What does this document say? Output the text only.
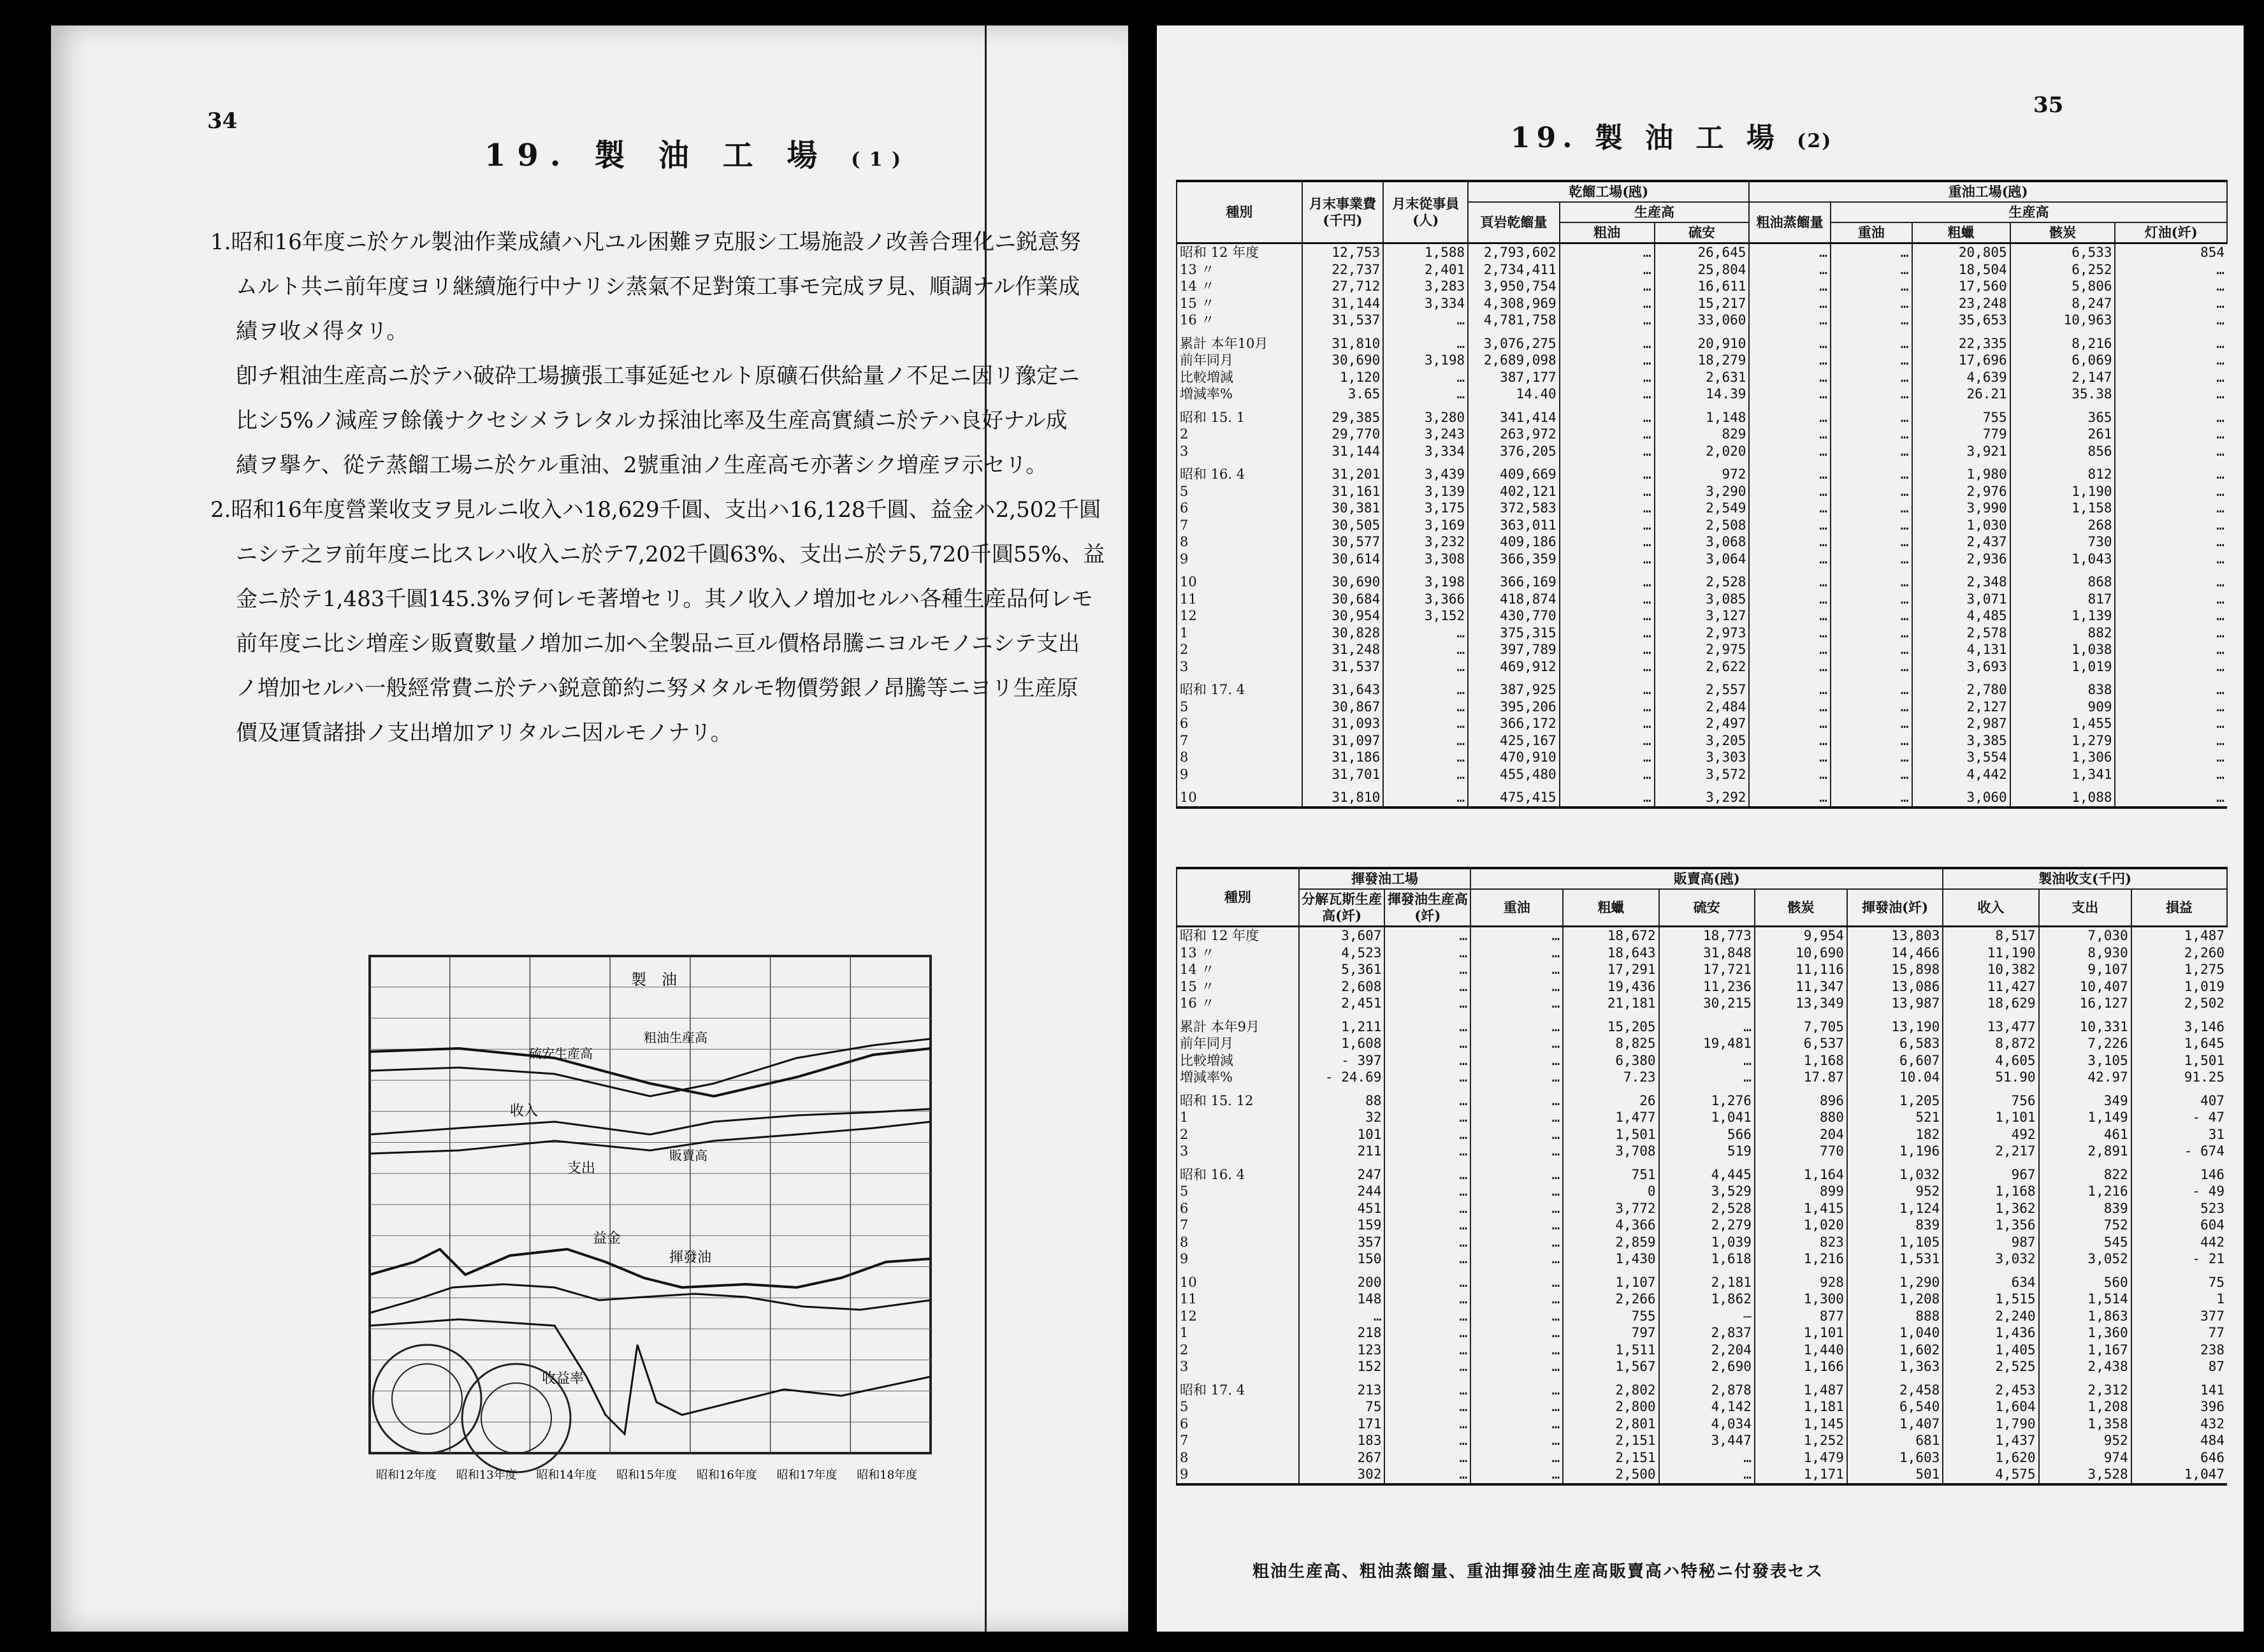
34
19. 製 油 工 場 ( 1 )
1.昭和16年度ニ於ケル製油作業成績ハ凡ユル困難ヲ克服シ工場施設ノ改善合理化ニ鋭意努
ムルト共ニ前年度ヨリ継續施行中ナリシ蒸氣不足對策工事モ完成ヲ見、順調ナル作業成
績ヲ收メ得タリ。
卽チ粗油生産高ニ於テハ破砕工場擴張工事延延セルト原礦石供給量ノ不足ニ因リ豫定ニ
比シ5%ノ減産ヲ餘儀ナクセシメラレタルカ採油比率及生産高實績ニ於テハ良好ナル成
績ヲ擧ケ、從テ蒸餾工場ニ於ケル重油、2號重油ノ生産高モ亦著シク増産ヲ示セリ。
2.昭和16年度營業收支ヲ見ルニ收入ハ18,629千圓、支出ハ16,128千圓、益金ハ2,502千圓
ニシテ之ヲ前年度ニ比スレハ收入ニ於テ7,202千圓63%、支出ニ於テ5,720千圓55%、益
金ニ於テ1,483千圓145.3%ヲ何レモ著増セリ。其ノ收入ノ増加セルハ各種生産品何レモ
前年度ニ比シ増産シ販賣數量ノ増加ニ加ヘ全製品ニ亘ル價格昂騰ニヨルモノニシテ支出
ノ増加セルハ一般經常費ニ於テハ鋭意節約ニ努メタルモ物價勞銀ノ昂騰等ニヨリ生産原
價及運賃諸掛ノ支出増加アリタルニ因ルモノナリ。
製　油
硫安生産高
粗油生産高
收入
販賣高
支出
益金
揮發油
收益率
昭和12年度 昭和13年度 昭和14年度 昭和15年度 昭和16年度 昭和17年度 昭和18年度
35
19. 製 油 工 場 (2)
種別	月末事業費(千円)	月末從事員(人)	乾餾工場(瓲)			重油工場(瓲)				
			頁岩乾餾量	生産高		粗油蒸餾量	生産高			
				粗油	硫安		重油	粗蠟	骸炭	灯油(竏)
昭和 12 年度	12,753	1,588	2,793,602	…	26,645	…	…	20,805	6,533	854
13 〃	22,737	2,401	2,734,411	…	25,804	…	…	18,504	6,252	…
14 〃	27,712	3,283	3,950,754	…	16,611	…	…	17,560	5,806	…
15 〃	31,144	3,334	4,308,969	…	15,217	…	…	23,248	8,247	…
16 〃	31,537	…	4,781,758	…	33,060	…	…	35,653	10,963	…
累計 本年10月	31,810	…	3,076,275	…	20,910	…	…	22,335	8,216	…
前年同月	30,690	3,198	2,689,098	…	18,279	…	…	17,696	6,069	…
比較増減	1,120	…	387,177	…	2,631	…	…	4,639	2,147	…
増減率%	3.65	…	14.40	…	14.39	…	…	26.21	35.38	…
昭和 15. 1	29,385	3,280	341,414	…	1,148	…	…	755	365	…
2	29,770	3,243	263,972	…	829	…	…	779	261	…
3	31,144	3,334	376,205	…	2,020	…	…	3,921	856	…
昭和 16. 4	31,201	3,439	409,669	…	972	…	…	1,980	812	…
5	31,161	3,139	402,121	…	3,290	…	…	2,976	1,190	…
6	30,381	3,175	372,583	…	2,549	…	…	3,990	1,158	…
7	30,505	3,169	363,011	…	2,508	…	…	1,030	268	…
8	30,577	3,232	409,186	…	3,068	…	…	2,437	730	…
9	30,614	3,308	366,359	…	3,064	…	…	2,936	1,043	…
10	30,690	3,198	366,169	…	2,528	…	…	2,348	868	…
11	30,684	3,366	418,874	…	3,085	…	…	3,071	817	…
12	30,954	3,152	430,770	…	3,127	…	…	4,485	1,139	…
1	30,828	…	375,315	…	2,973	…	…	2,578	882	…
2	31,248	…	397,789	…	2,975	…	…	4,131	1,038	…
3	31,537	…	469,912	…	2,622	…	…	3,693	1,019	…
昭和 17. 4	31,643	…	387,925	…	2,557	…	…	2,780	838	…
5	30,867	…	395,206	…	2,484	…	…	2,127	909	…
6	31,093	…	366,172	…	2,497	…	…	2,987	1,455	…
7	31,097	…	425,167	…	3,205	…	…	3,385	1,279	…
8	31,186	…	470,910	…	3,303	…	…	3,554	1,306	…
9	31,701	…	455,480	…	3,572	…	…	4,442	1,341	…
10	31,810	…	475,415	…	3,292	…	…	3,060	1,088	…
種別	揮發油工場		販賣高(瓲)					製油收支(千円)		
	分解瓦斯生産高(竏)	揮發油生産高(竏)	重油	粗蠟	硫安	骸炭	揮發油(竏)	收入	支出	損益
昭和 12 年度	3,607	…	…	18,672	18,773	9,954	13,803	8,517	7,030	1,487
13 〃	4,523	…	…	18,643	31,848	10,690	14,466	11,190	8,930	2,260
14 〃	5,361	…	…	17,291	17,721	11,116	15,898	10,382	9,107	1,275
15 〃	2,608	…	…	19,436	11,236	11,347	13,086	11,427	10,407	1,019
16 〃	2,451	…	…	21,181	30,215	13,349	13,987	18,629	16,127	2,502
累計 本年9月	1,211	…	…	15,205	…	7,705	13,190	13,477	10,331	3,146
前年同月	1,608	…	…	8,825	19,481	6,537	6,583	8,872	7,226	1,645
比較増減	- 397	…	…	6,380	…	1,168	6,607	4,605	3,105	1,501
増減率%	- 24.69	…	…	7.23	…	17.87	10.04	51.90	42.97	91.25
昭和 15. 12	88	…	…	26	1,276	896	1,205	756	349	407
1	32	…	…	1,477	1,041	880	521	1,101	1,149	- 47
2	101	…	…	1,501	566	204	182	492	461	31
3	211	…	…	3,708	519	770	1,196	2,217	2,891	- 674
昭和 16. 4	247	…	…	751	4,445	1,164	1,032	967	822	146
5	244	…	…	0	3,529	899	952	1,168	1,216	- 49
6	451	…	…	3,772	2,528	1,415	1,124	1,362	839	523
7	159	…	…	4,366	2,279	1,020	839	1,356	752	604
8	357	…	…	2,859	1,039	823	1,105	987	545	442
9	150	…	…	1,430	1,618	1,216	1,531	3,032	3,052	- 21
10	200	…	…	1,107	2,181	928	1,290	634	560	75
11	148	…	…	2,266	1,862	1,300	1,208	1,515	1,514	1
12	…	…	…	755	—	877	888	2,240	1,863	377
1	218	…	…	797	2,837	1,101	1,040	1,436	1,360	77
2	123	…	…	1,511	2,204	1,440	1,602	1,405	1,167	238
3	152	…	…	1,567	2,690	1,166	1,363	2,525	2,438	87
昭和 17. 4	213	…	…	2,802	2,878	1,487	2,458	2,453	2,312	141
5	75	…	…	2,800	4,142	1,181	6,540	1,604	1,208	396
6	171	…	…	2,801	4,034	1,145	1,407	1,790	1,358	432
7	183	…	…	2,151	3,447	1,252	681	1,437	952	484
8	267	…	…	2,151	…	1,479	1,603	1,620	974	646
9	302	…	…	2,500	…	1,171	501	4,575	3,528	1,047
粗油生産高、粗油蒸餾量、重油揮發油生産高販賣高ハ特秘ニ付發表セス
